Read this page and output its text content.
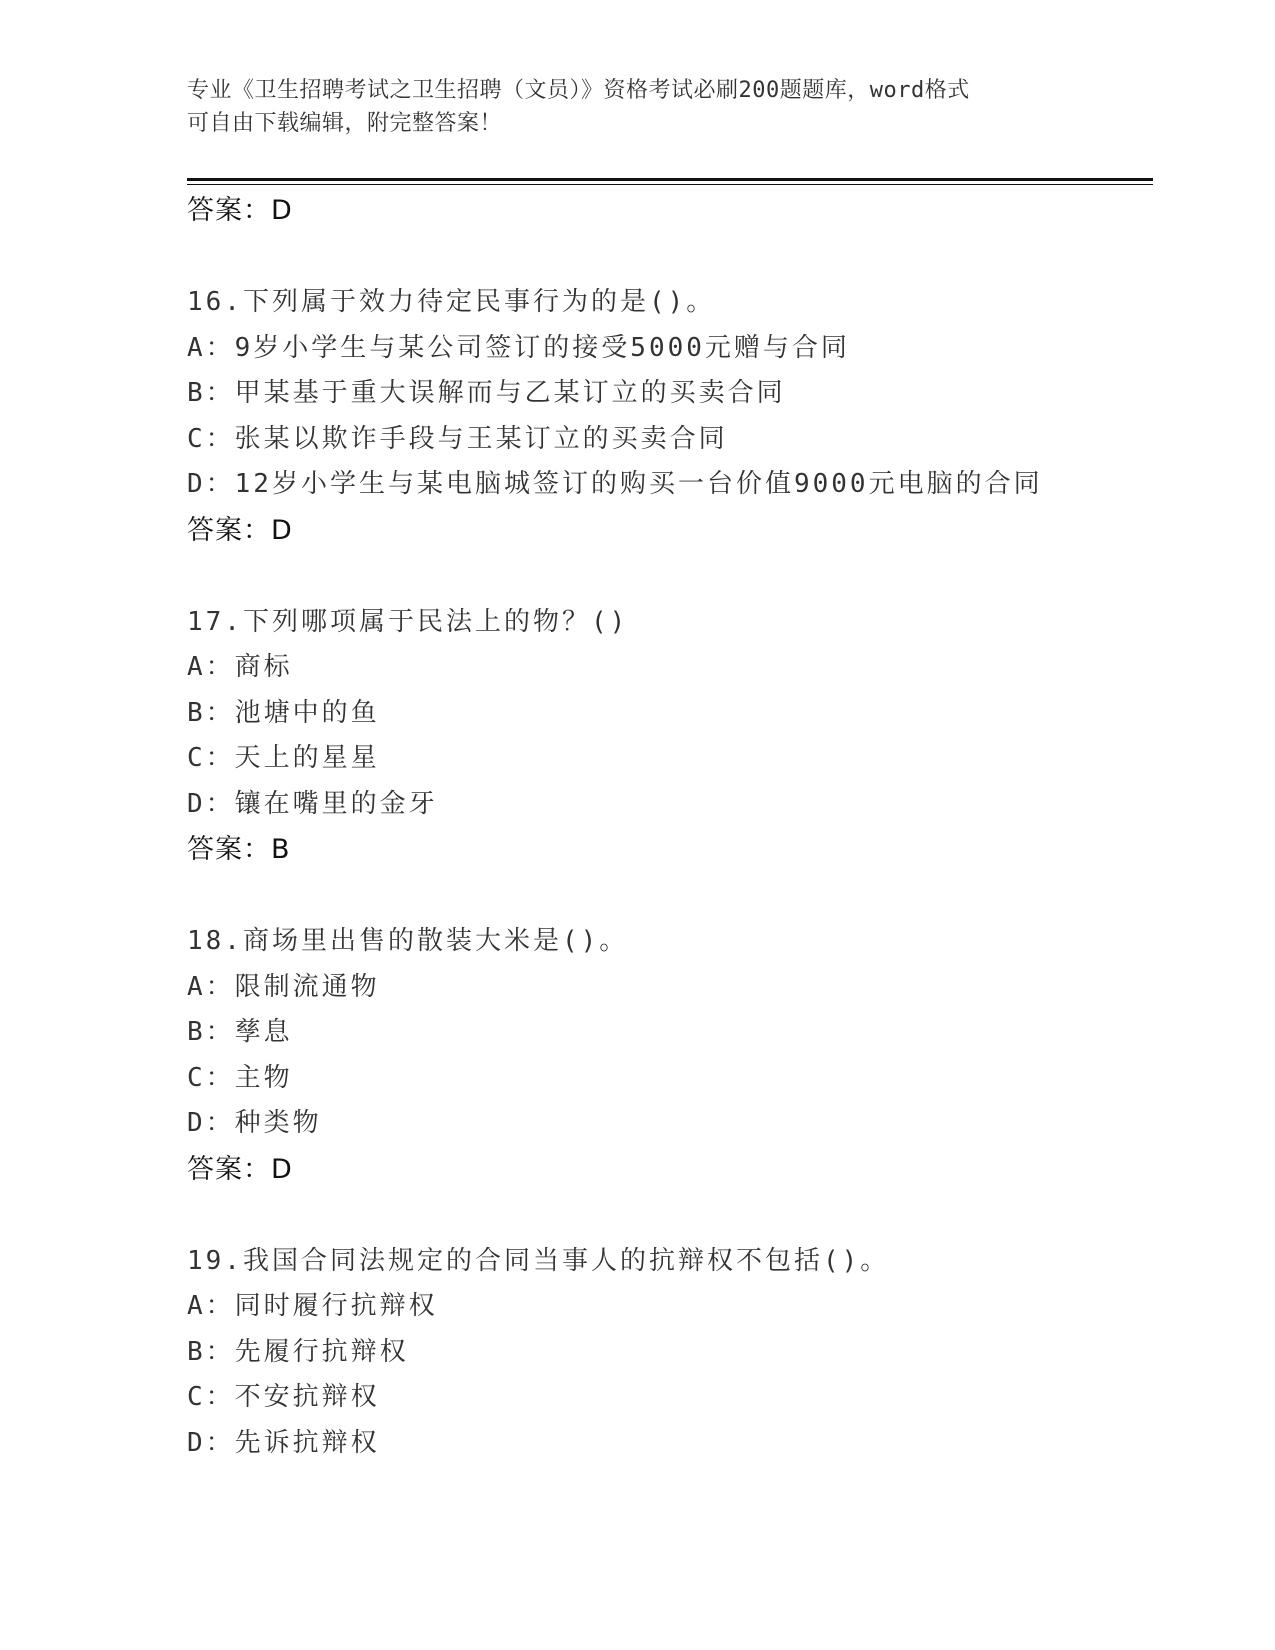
专业《卫生招聘考试之卫生招聘（文员）》资格考试必刷200题题库，word格式
可自由下载编辑，附完整答案！
答案：D
16.下列属于效力待定民事行为的是()。
A：9岁小学生与某公司签订的接受5000元赠与合同
B：甲某基于重大误解而与乙某订立的买卖合同
C：张某以欺诈手段与王某订立的买卖合同
D：12岁小学生与某电脑城签订的购买一台价值9000元电脑的合同
答案：D
17.下列哪项属于民法上的物？()
A：商标
B：池塘中的鱼
C：天上的星星
D：镶在嘴里的金牙
答案：B
18.商场里出售的散装大米是()。
A：限制流通物
B：孳息
C：主物
D：种类物
答案：D
19.我国合同法规定的合同当事人的抗辩权不包括()。
A：同时履行抗辩权
B：先履行抗辩权
C：不安抗辩权
D：先诉抗辩权
